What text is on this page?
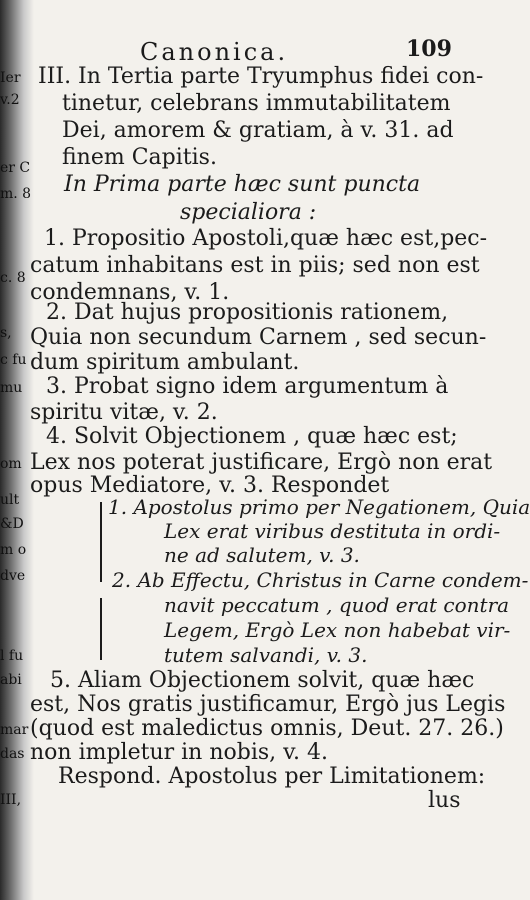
Ier
v.2
er C
m. 8
c. 8
s,
c fu
mu
om
ult
&D
m o
dve
l fu
abi
mar
das
III,
Canonica.	109
III. In Tertia parte Tryumphus fidei con-
tinetur, celebrans immutabilitatem
Dei, amorem & gratiam, à v. 31. ad
finem Capitis.
In Prima parte hæc sunt puncta
specialiora :
1. Propositio Apostoli,quæ hæc est,pec-
catum inhabitans est in piis; sed non est
condemnans, v. 1.
2. Dat hujus propositionis rationem,
Quia non secundum Carnem , sed secun-
dum spiritum ambulant.
3. Probat signo idem argumentum à
spiritu vitæ, v. 2.
4. Solvit Objectionem , quæ hæc est;
Lex nos poterat justificare, Ergò non erat
opus Mediatore, v. 3. Respondet
1. Apostolus primo per Negationem, Quia
Lex erat viribus destituta in ordi-
ne ad salutem, v. 3.
2. Ab Effectu, Christus in Carne condem-
navit peccatum , quod erat contra
Legem, Ergò Lex non habebat vir-
tutem salvandi, v. 3.
5. Aliam Objectionem solvit, quæ hæc
est, Nos gratis justificamur, Ergò jus Legis
(quod est maledictus omnis, Deut. 27. 26.)
non impletur in nobis, v. 4.
Respond. Apostolus per Limitationem:
lus
